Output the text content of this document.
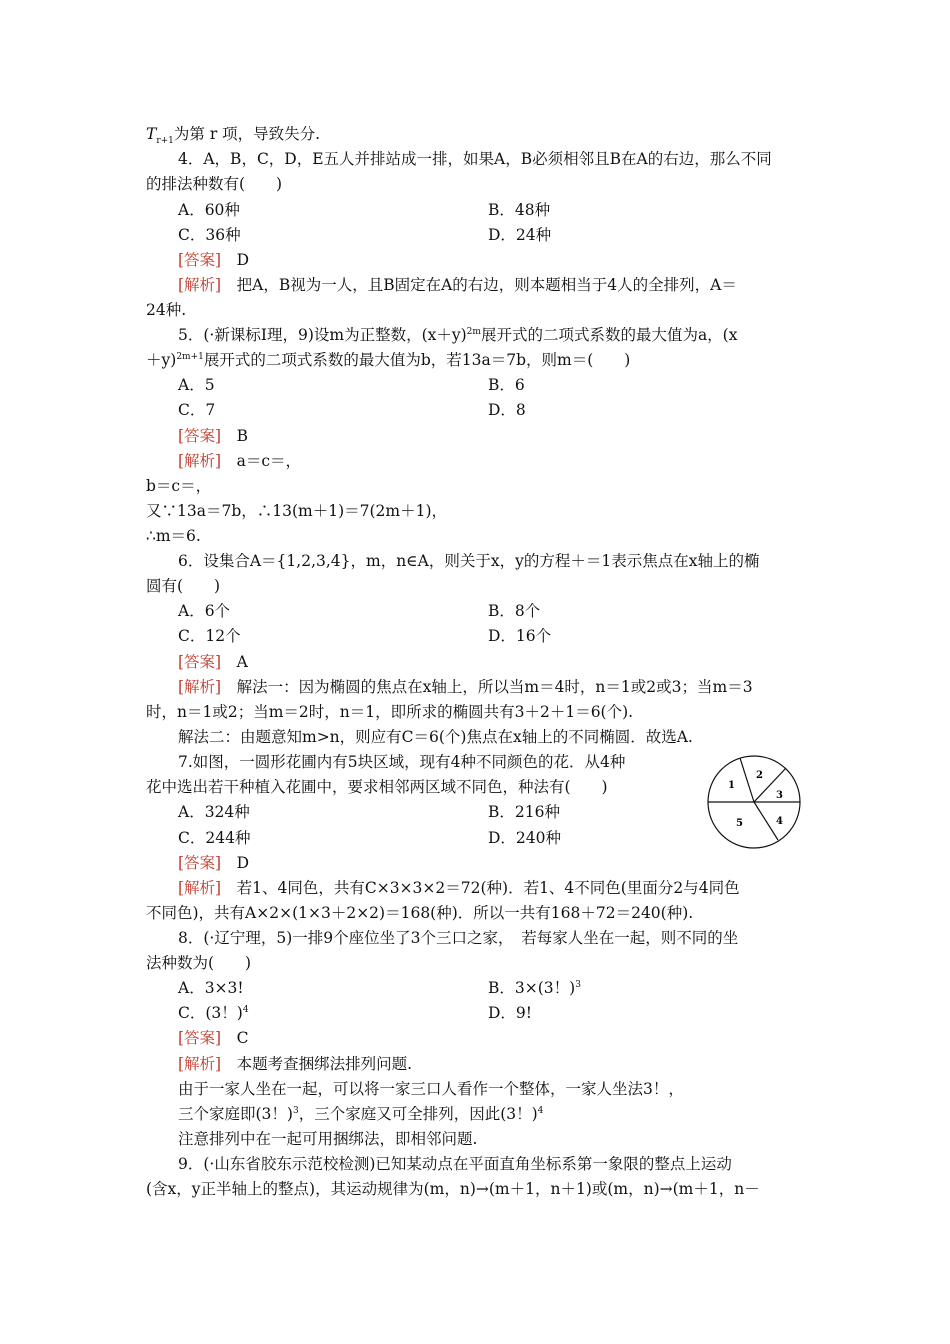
$T_{r+1}$为第 r 项，导致失分.
4．A，B，C，D，E五人并排站成一排，如果A，B必须相邻且B在A的右边，那么不同
的排法种数有(　　)
A．60种	B．48种
C．36种	D．24种
[答案]　 D
[解析]　 把A，B视为一人，且B固定在A的右边，则本题相当于4人的全排列，A＝
24种.
5．(·新课标Ⅰ理，9)设m为正整数，$(x+y)^{2m}$展开式的二项式系数的最大值为a，(x
＋y)$^{2m+1}$展开式的二项式系数的最大值为b，若13a＝7b，则m＝(　　)
A．5	B．6
C．7	D．8
[答案]　 B
[解析]　 a＝c＝，
b＝c＝，
又∵13a＝7b，∴13(m＋1)＝7(2m＋1)，
∴m＝6.
6．设集合A＝{1,2,3,4}，m，n∈A，则关于x，y的方程＋＝1表示焦点在x轴上的椭
圆有(　　)
A．6个	B．8个
C．12个	D．16个
[答案]　 A
[解析]　 解法一：因为椭圆的焦点在x轴上，所以当m＝4时，n＝1或2或3；当m＝3
时，n＝1或2；当m＝2时，n＝1，即所求的椭圆共有3＋2＋1＝6(个).
解法二：由题意知m>n，则应有C＝6(个)焦点在x轴上的不同椭圆．故选A.
7.如图，一圆形花圃内有5块区域，现有4种不同颜色的花．从4种
花中选出若干种植入花圃中，要求相邻两区域不同色，种法有(　　)
A．324种	B．216种
C．244种	D．240种
[答案]　 D
[解析]　 若1、4同色，共有C×3×3×2＝72(种)．若1、4不同色(里面分2与4同色
不同色)，共有A×2×(1×3＋2×2)＝168(种)．所以一共有168＋72＝240(种).
1
2
3
4
5
8．(·辽宁理，5)一排9个座位坐了3个三口之家，　若每家人坐在一起，则不同的坐
法种数为(　　)
A．3×3!	B．3×(3！)$^3$
C．(3！)$^4$	D．9!
[答案]　 C
[解析]　 本题考查捆绑法排列问题.
由于一家人坐在一起，可以将一家三口人看作一个整体，一家人坐法3！，
三个家庭即(3！)$^3$，三个家庭又可全排列，因此(3！)$^4$
注意排列中在一起可用捆绑法，即相邻问题.
9．(·山东省胶东示范校检测)已知某动点在平面直角坐标系第一象限的整点上运动
(含x，y正半轴上的整点)，其运动规律为(m，n)→(m＋1，n＋1)或(m，n)→(m＋1，n－
